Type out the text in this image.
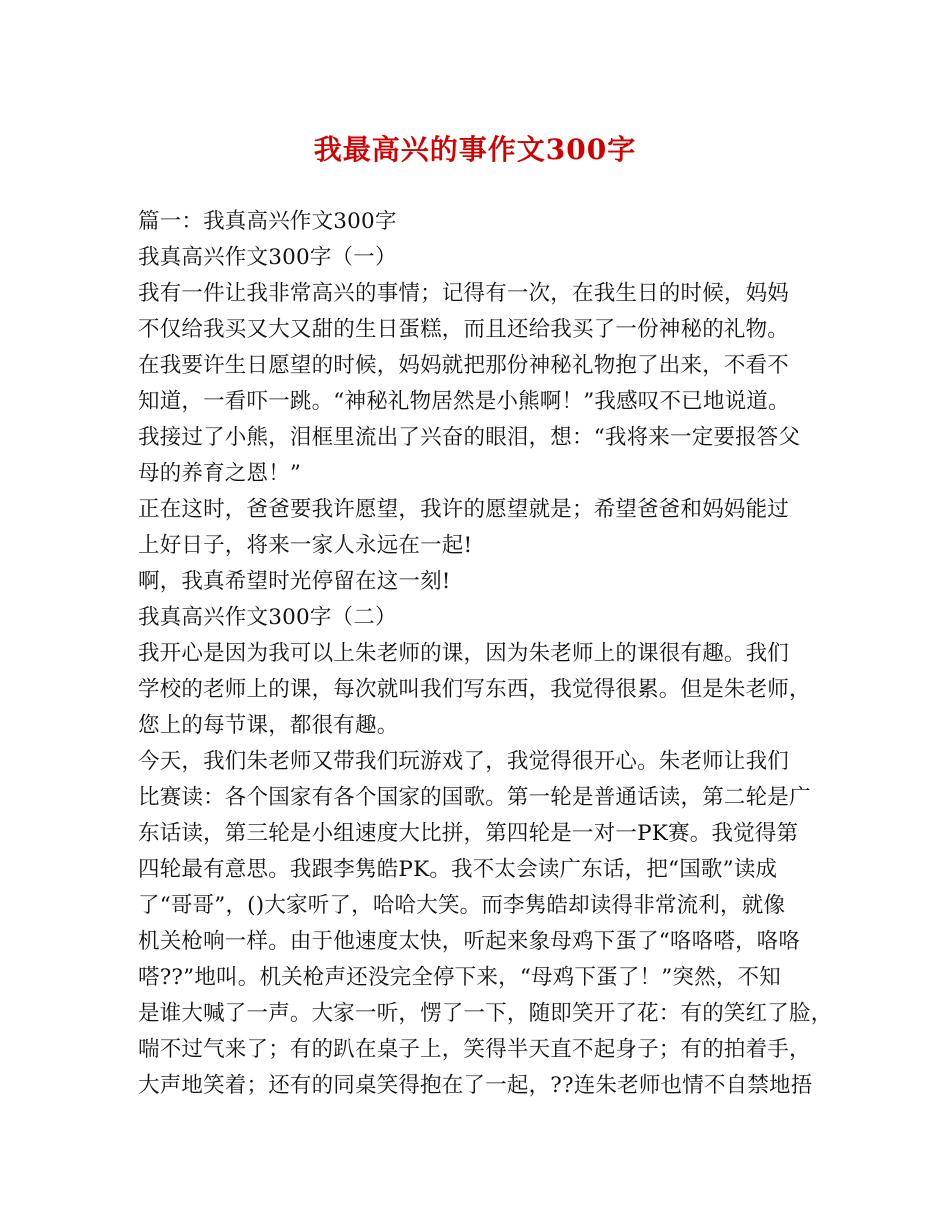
我最高兴的事作文300字
篇一：我真高兴作文300字
我真高兴作文300字（一）
我有一件让我非常高兴的事情；记得有一次，在我生日的时候，妈妈
不仅给我买又大又甜的生日蛋糕，而且还给我买了一份神秘的礼物。
在我要许生日愿望的时候，妈妈就把那份神秘礼物抱了出来，不看不
知道，一看吓一跳。“神秘礼物居然是小熊啊！”我感叹不已地说道。
我接过了小熊，泪框里流出了兴奋的眼泪，想：“我将来一定要报答父
母的养育之恩！”
正在这时，爸爸要我许愿望，我许的愿望就是；希望爸爸和妈妈能过
上好日子，将来一家人永远在一起!
啊，我真希望时光停留在这一刻!
我真高兴作文300字（二）
我开心是因为我可以上朱老师的课，因为朱老师上的课很有趣。我们
学校的老师上的课，每次就叫我们写东西，我觉得很累。但是朱老师，
您上的每节课，都很有趣。
今天，我们朱老师又带我们玩游戏了，我觉得很开心。朱老师让我们
比赛读：各个国家有各个国家的国歌。第一轮是普通话读，第二轮是广
东话读，第三轮是小组速度大比拼，第四轮是一对一PK赛。我觉得第
四轮最有意思。我跟李隽皓PK。我不太会读广东话，把“国歌”读成
了“哥哥”，()大家听了，哈哈大笑。而李隽皓却读得非常流利，就像
机关枪响一样。由于他速度太快，听起来象母鸡下蛋了“咯咯嗒，咯咯
嗒??”地叫。机关枪声还没完全停下来，“母鸡下蛋了！”突然，不知
是谁大喊了一声。大家一听，愣了一下，随即笑开了花：有的笑红了脸，
喘不过气来了；有的趴在桌子上，笑得半天直不起身子；有的拍着手，
大声地笑着；还有的同桌笑得抱在了一起，??连朱老师也情不自禁地捂
